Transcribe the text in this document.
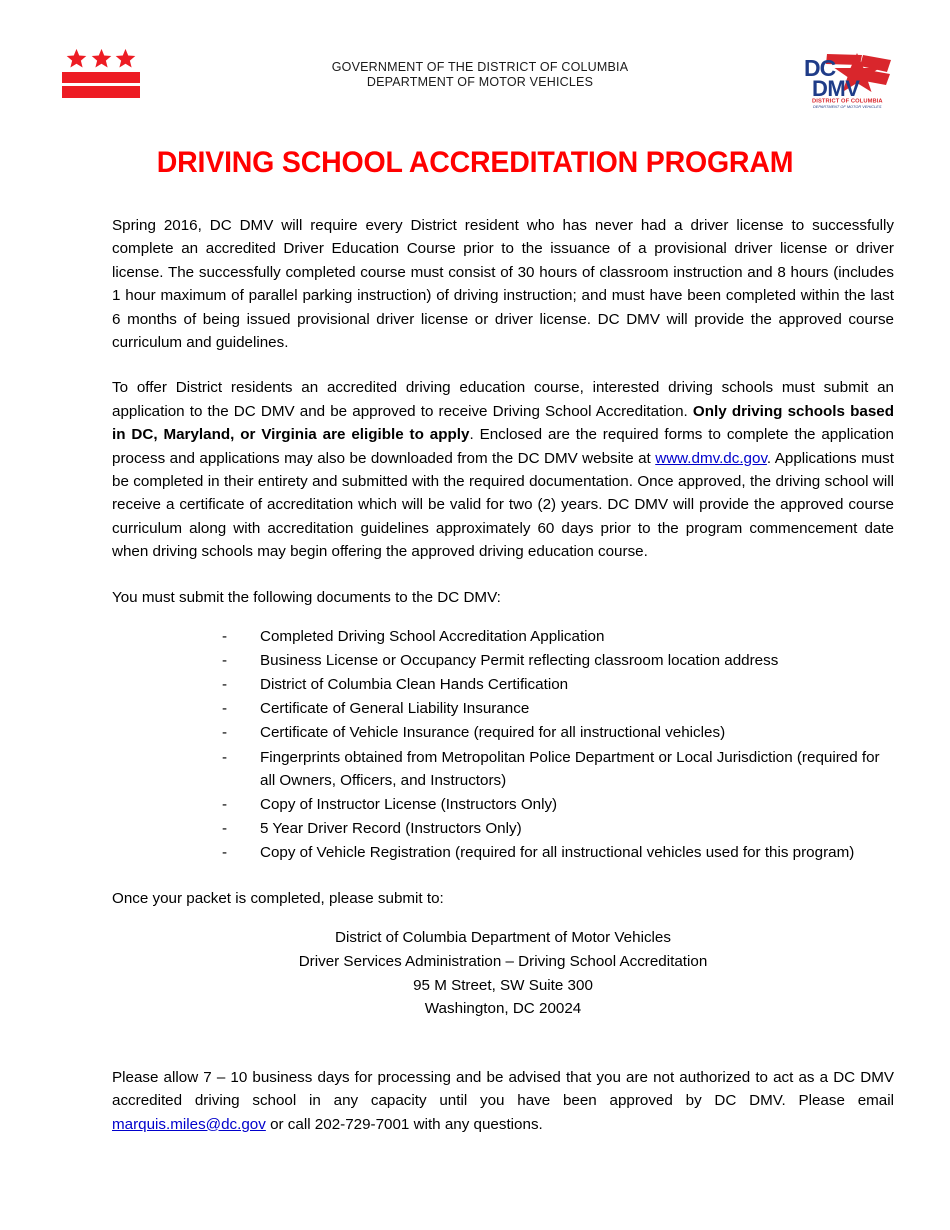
GOVERNMENT OF THE DISTRICT OF COLUMBIA
DEPARTMENT OF MOTOR VEHICLES
DC
DMV
DISTRICT OF COLUMBIA
DEPARTMENT OF MOTOR VEHICLES
DRIVING SCHOOL ACCREDITATION PROGRAM

Spring 2016, DC DMV will require every District resident who has never had a driver license to successfully complete an accredited Driver Education Course prior to the issuance of a provisional driver license or driver license. The successfully completed course must consist of 30 hours of classroom instruction and 8 hours (includes 1 hour maximum of parallel parking instruction) of driving instruction; and must have been completed within the last 6 months of being issued provisional driver license or driver license. DC DMV will provide the approved course curriculum and guidelines.

To offer District residents an accredited driving education course, interested driving schools must submit an application to the DC DMV and be approved to receive Driving School Accreditation. Only driving schools based in DC, Maryland, or Virginia are eligible to apply. Enclosed are the required forms to complete the application process and applications may also be downloaded from the DC DMV website at www.dmv.dc.gov. Applications must be completed in their entirety and submitted with the required documentation. Once approved, the driving school will receive a certificate of accreditation which will be valid for two (2) years. DC DMV will provide the approved course curriculum along with accreditation guidelines approximately 60 days prior to the program commencement date when driving schools may begin offering the approved driving education course.

You must submit the following documents to the DC DMV:

- Completed Driving School Accreditation Application
- Business License or Occupancy Permit reflecting classroom location address
- District of Columbia Clean Hands Certification
- Certificate of General Liability Insurance
- Certificate of Vehicle Insurance (required for all instructional vehicles)
- Fingerprints obtained from Metropolitan Police Department or Local Jurisdiction (required for all Owners, Officers, and Instructors)
- Copy of Instructor License (Instructors Only)
- 5 Year Driver Record (Instructors Only)
- Copy of Vehicle Registration (required for all instructional vehicles used for this program)

Once your packet is completed, please submit to:

District of Columbia Department of Motor Vehicles
Driver Services Administration – Driving School Accreditation
95 M Street, SW Suite 300
Washington, DC 20024

Please allow 7 – 10 business days for processing and be advised that you are not authorized to act as a DC DMV accredited driving school in any capacity until you have been approved by DC DMV. Please email marquis.miles@dc.gov or call 202-729-7001 with any questions.
